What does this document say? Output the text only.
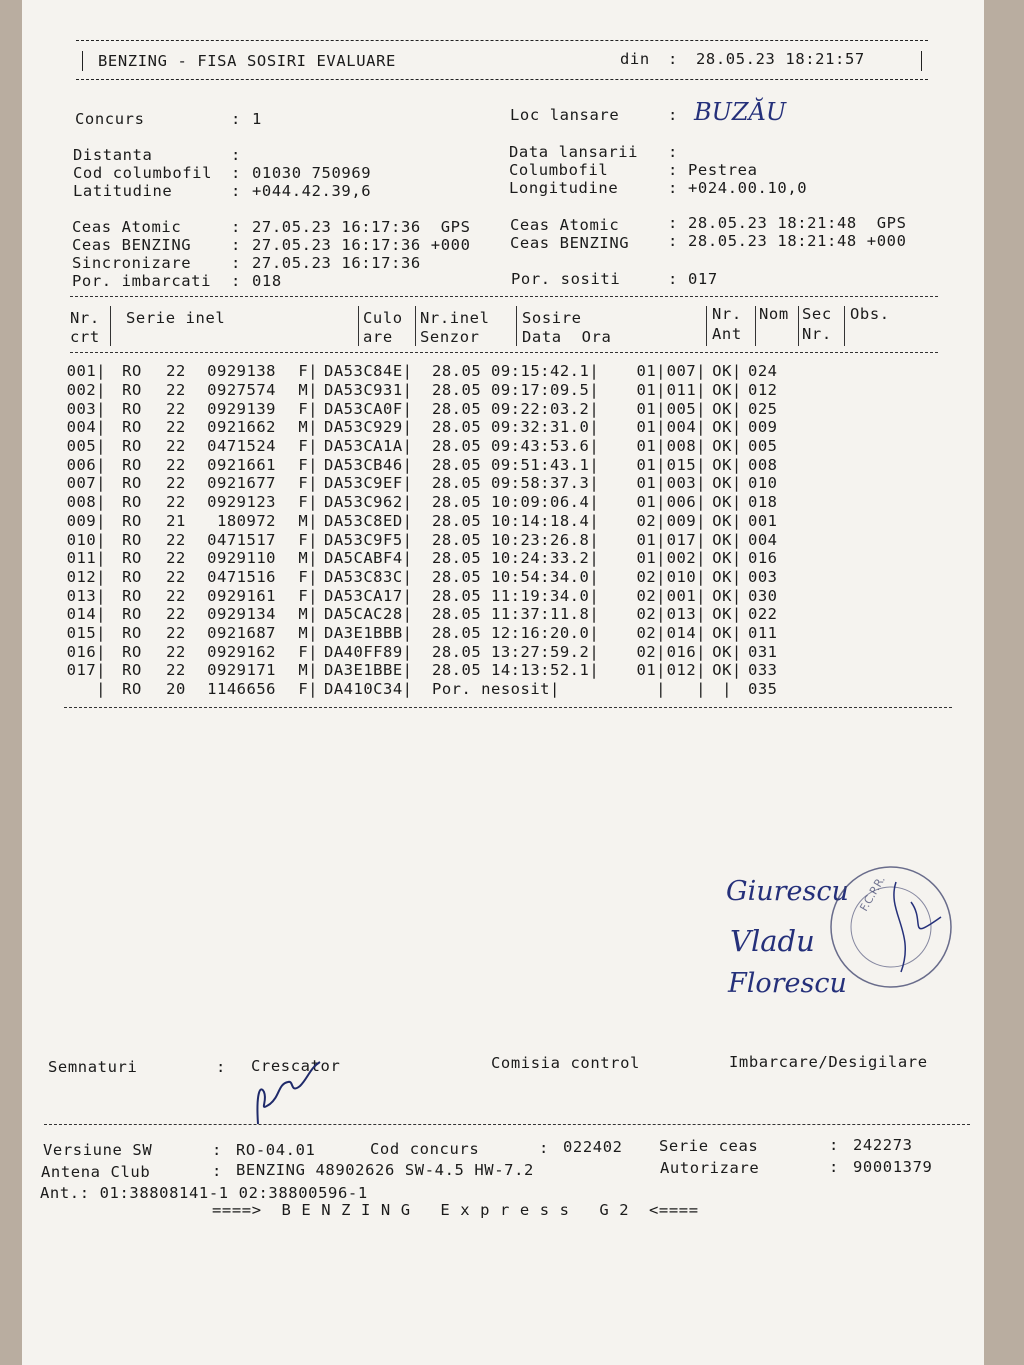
BENZING - FISA SOSIRI EVALUARE	din : 28.05.23 18:21:57
Concurs	: 1	Loc lansare	: BUZĂU
Distanta	:	Data lansarii :
Cod columbofil : 01030 750969	Columbofil	: Pestrea
Latitudine	: +044.42.39,6	Longitudine	: +024.00.10,0
Ceas Atomic	: 27.05.23 16:17:36  GPS	Ceas Atomic	: 28.05.23 18:21:48  GPS
Ceas BENZING	: 27.05.23 16:17:36 +000	Ceas BENZING	: 28.05.23 18:21:48 +000
Sincronizare	: 27.05.23 16:17:36
Por. imbarcati : 018	Por. sositi	: 017
Nr. Serie inel	Culo Nr.inel Sosire	Nr. Nom Sec Obs.
crt	are Senzor	Data  Ora	Ant	Nr.
001|	RO	22	0929138	F|	DA53C84E|	28.05 09:15:42.1|	01|	007|	OK|	024
002|	RO	22	0927574	M|	DA53C931|	28.05 09:17:09.5|	01|	011|	OK|	012
003|	RO	22	0929139	F|	DA53CA0F|	28.05 09:22:03.2|	01|	005|	OK|	025
004|	RO	22	0921662	M|	DA53C929|	28.05 09:32:31.0|	01|	004|	OK|	009
005|	RO	22	0471524	F|	DA53CA1A|	28.05 09:43:53.6|	01|	008|	OK|	005
006|	RO	22	0921661	F|	DA53CB46|	28.05 09:51:43.1|	01|	015|	OK|	008
007|	RO	22	0921677	F|	DA53C9EF|	28.05 09:58:37.3|	01|	003|	OK|	010
008|	RO	22	0929123	F|	DA53C962|	28.05 10:09:06.4|	01|	006|	OK|	018
009|	RO	21	180972	M|	DA53C8ED|	28.05 10:14:18.4|	02|	009|	OK|	001
010|	RO	22	0471517	F|	DA53C9F5|	28.05 10:23:26.8|	01|	017|	OK|	004
011|	RO	22	0929110	M|	DA5CABF4|	28.05 10:24:33.2|	01|	002|	OK|	016
012|	RO	22	0471516	F|	DA53C83C|	28.05 10:54:34.0|	02|	010|	OK|	003
013|	RO	22	0929161	F|	DA53CA17|	28.05 11:19:34.0|	02|	001|	OK|	030
014|	RO	22	0929134	M|	DA5CAC28|	28.05 11:37:11.8|	02|	013|	OK|	022
015|	RO	22	0921687	M|	DA3E1BBB|	28.05 12:16:20.0|	02|	014|	OK|	011
016|	RO	22	0929162	F|	DA40FF89|	28.05 13:27:59.2|	02|	016|	OK|	031
017|	RO	22	0929171	M|	DA3E1BBE|	28.05 14:13:52.1|	01|	012|	OK|	033
|	RO	20	1146656	F|	DA410C34|	Por. nesosit|	|	|	|	035
Giurescu
Vladu
Florescu
F.C.P.R.
Semnaturi	: Crescator	Comisia control	Imbarcare/Desigilare
Versiune SW	: RO-04.01	Cod concurs	: 022402 Serie ceas	: 242273
Antena Club	: BENZING 48902626 SW-4.5 HW-7.2	Autorizare	: 90001379
Ant.: 01:38808141-1 02:38800596-1
====>  B E N Z I N G   E x p r e s s   G 2  <====
